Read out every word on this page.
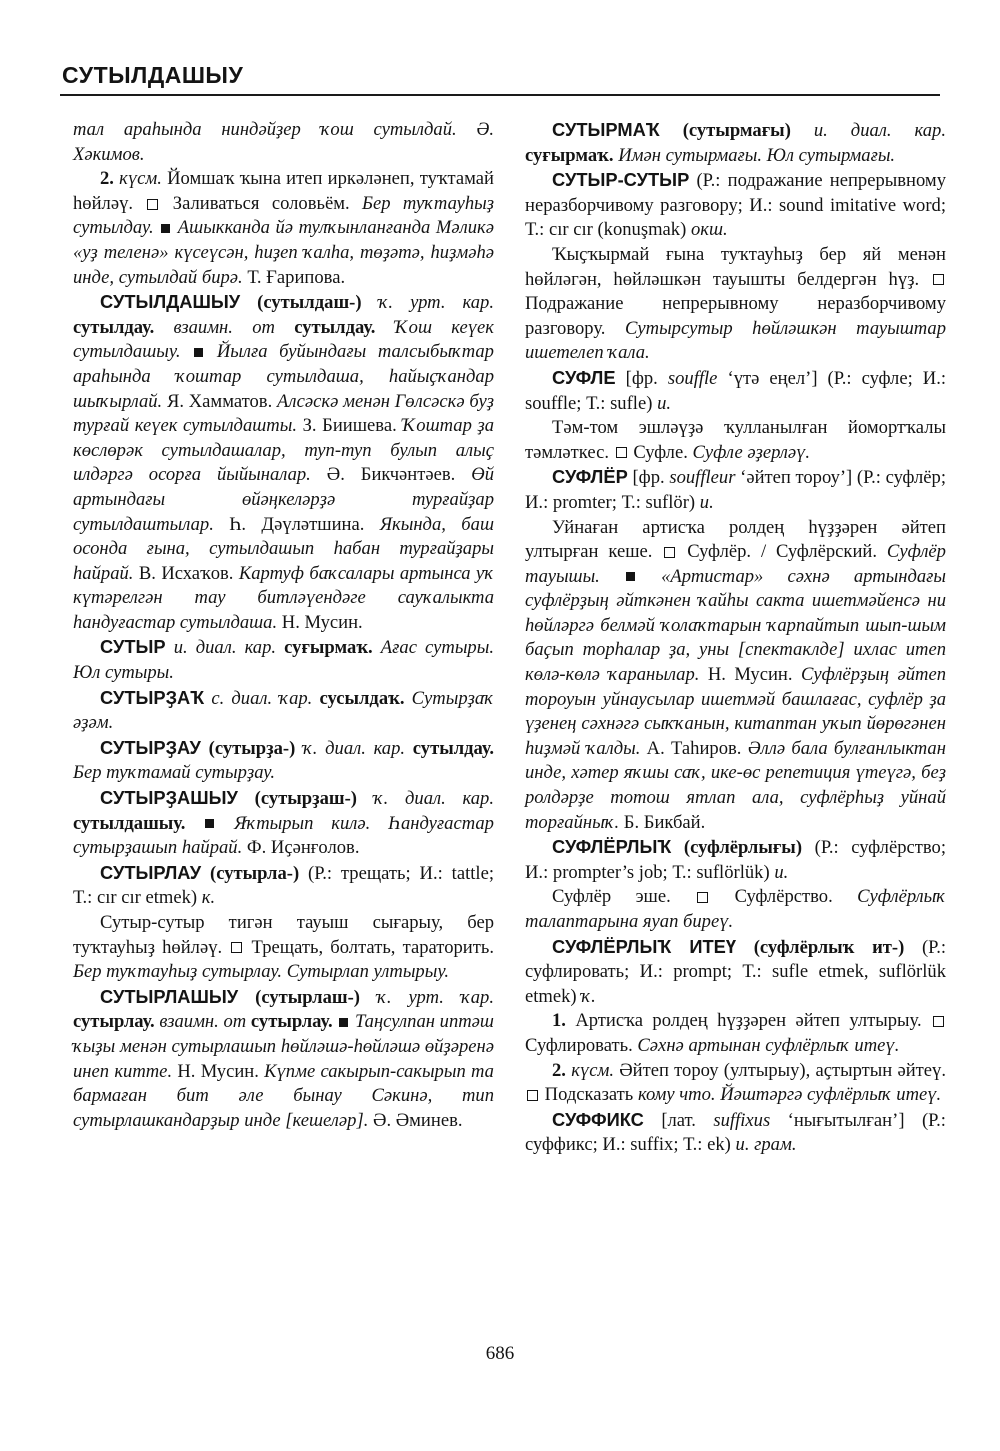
СУТЫЛДАШЫУ

тал араһында ниндәйҙер ҡош сутылдай. Ә. Хәкимов.

2. күсм. Йомшаҡ ҡына итеп иркәләнеп, туҡтамай һөйләү. Заливаться соловьём. Бер туҡтауһыҙ сутылдау. Ашыкканда йә тулҡынланғанда Мәликә «уҙ теленә» күсеүсән, һиҙеп ҡалһа, төҙәтә, һиҙмәһә инде, сутылдай бирә. Т. Ғарипова.

СУТЫЛДАШЫУ (сутылдаш-) ҡ. урт. кар. сутылдау. взаимн. от сутылдау. Ҡош кеүек сутылдашыу. Йылға буйындағы талсыбыҡтар араһында ҡоштар сутылдаша, һайыҫҡандар шыҡырлай. Я. Хамматов. Алсәскә менән Гөлсәскә буҙ турғай кеүек сутылдашты. З. Биишева. Ҡоштар ҙа көслөрәк сутылдашалар, туп-туп булып алыҫ илдәргә осорға йыйыналар. Ә. Бикчәнтәев. Өй артындағы өйәңкеләрҙә турғайҙар сутылдаштылар. Һ. Дәүләтшина. Якында, баш осонда ғына, сутылдашып һабан турғайҙары һайрай. В. Исхаҡов. Картуф баҡсалары артынса уҡ күтәрелгән тау битләүендәге сауҡалыкта һандуғастар сутылдаша. Н. Мусин.

СУТЫР и. диал. кар. суғырмаҡ. Ағас сутыры. Юл сутыры.

СУТЫРҘАҠ с. диал. ҡар. сусылдаҡ. Сутырҙаҡ әҙәм.

СУТЫРҘАУ (сутырҙа-) ҡ. диал. кар. сутылдау. Бер туҡтамай сутырҙау.

СУТЫРҘАШЫУ (сутырҙаш-) ҡ. диал. кар. сутылдашыу.	Яҡтырып килә. Һандуғастар сутырҙашып һайрай. Ф. Иҫәнғолов.

СУТЫРЛАУ (сутырла-) (Р.: трещать; И.: tattle; Т.: cır cır etmek) к.

Сутыр-сутыр тигән тауыш сығарыу, бер туҡтауһыҙ һөйләү. Трещать, болтать, тараторить. Бер туҡтауһыҙ сутырлау. Сутырлап ултырыу.

СУТЫРЛАШЫУ (сутырлаш-) ҡ. урт. ҡар. сутырлау. взаимн. от сутырлау. Таңсулпан иптәш ҡыҙы менән сутырлашып һөйләшә-һөйләшә өйҙәренә инеп китте. Н. Мусин. Күпме сакырып-сакырып та бармаған бит әле бынау Сәкинә, тип сутырлашкандарҙыр инде [кешеләр]. Ә. Әминев.

СУТЫРМАҠ (сутырмағы) и. диал. кар. суғырмаҡ. Имән сутырмағы. Юл сутырмағы.

СУТЫР-СУТЫР (Р.: подражание непрерывному неразборчивому разговору; И.: sound imitative word; Т.: cır cır (konuşmak) окш.

Ҡыҫҡырмай ғына туҡтауһыҙ бер яй менән һөйләгән, һөйләшкән тауышты белдергән һүҙ.  Подражание непрерывному неразборчивому разговору. Сутырсутыр һөйләшкән тауыштар ишетелеп ҡала.

СУФЛЕ [фр. souffle ‘үтә еңел’] (Р.: суфле; И.: soufflе; Т.: sufle) и.

Тәм-том эшләүҙә ҡулланылған йомортҡалы тәмләткес. Суфле. Суфле әҙерләү.

СУФЛЁР [фр. souffleur ‘әйтеп тороу’] (Р.: суфлёр; И.: promter; Т.: suflör) и.

Уйнаған артисҡа ролдең һүҙҙәрен әйтеп ултырған кеше. Суфлёр. / Суфлёрский. Суфлёр тауышы.	«Артистар» сәхнә артындағы суфлёрҙың әйткәнен ҡайһы сакта ишетмәйенсә ни һөйләргә белмәй ҡолаҡтарын ҡарпайтып шып-шым баҫып торһалар ҙа, уны [спектаклде] ихлас итеп көлә-көлә ҡаранылар. Н. Мусин. Суфлёрҙың әйтеп тороуын уйнаусылар ишетмәй башлағас, суфлёр ҙа үҙенең сәхнәгә сыҡҡанын, китаптан уҡып йөрөгәнен һиҙмәй ҡалды. А. Таһиров. Әллә бала булғанлыктан инде, хәтер яҡшы саҡ, ике-өс репетиция үтеүгә, беҙ ролдәрҙе тотош ятлап ала, суфлёрһыҙ уйнай торғайныҡ. Б. Бикбай.

СУФЛЁРЛЫҠ (суфлёрлығы) (Р.: суфлёрство; И.: prompter’s job; Т.: suflörlük) и.

Суфлёр эше.	Суфлёрство. Суфлёрлыҡ талаптарына яуап биреү.

СУФЛЁРЛЫҠ ИТЕҮ (суфлёрлыҡ ит-) (Р.: суфлировать; И.: prompt; Т.: sufle etmek, suflörlük etmek) ҡ.

1. Артисҡа ролдең һүҙҙәрен әйтеп ултырыу.  Суфлировать. Сәхнә артынан суфлёрлыҡ итеү.

2. күсм. Әйтеп тороу (ултырыу), аҫтыртын әйтеү.  Подсказать кому что. Йәштәргә суфлёрлыҡ итеү.

СУФФИКС [лат. suffixus ‘нығытылған’] (Р.: суффикс; И.: suffix; Т.: ek) и. грам.

686
